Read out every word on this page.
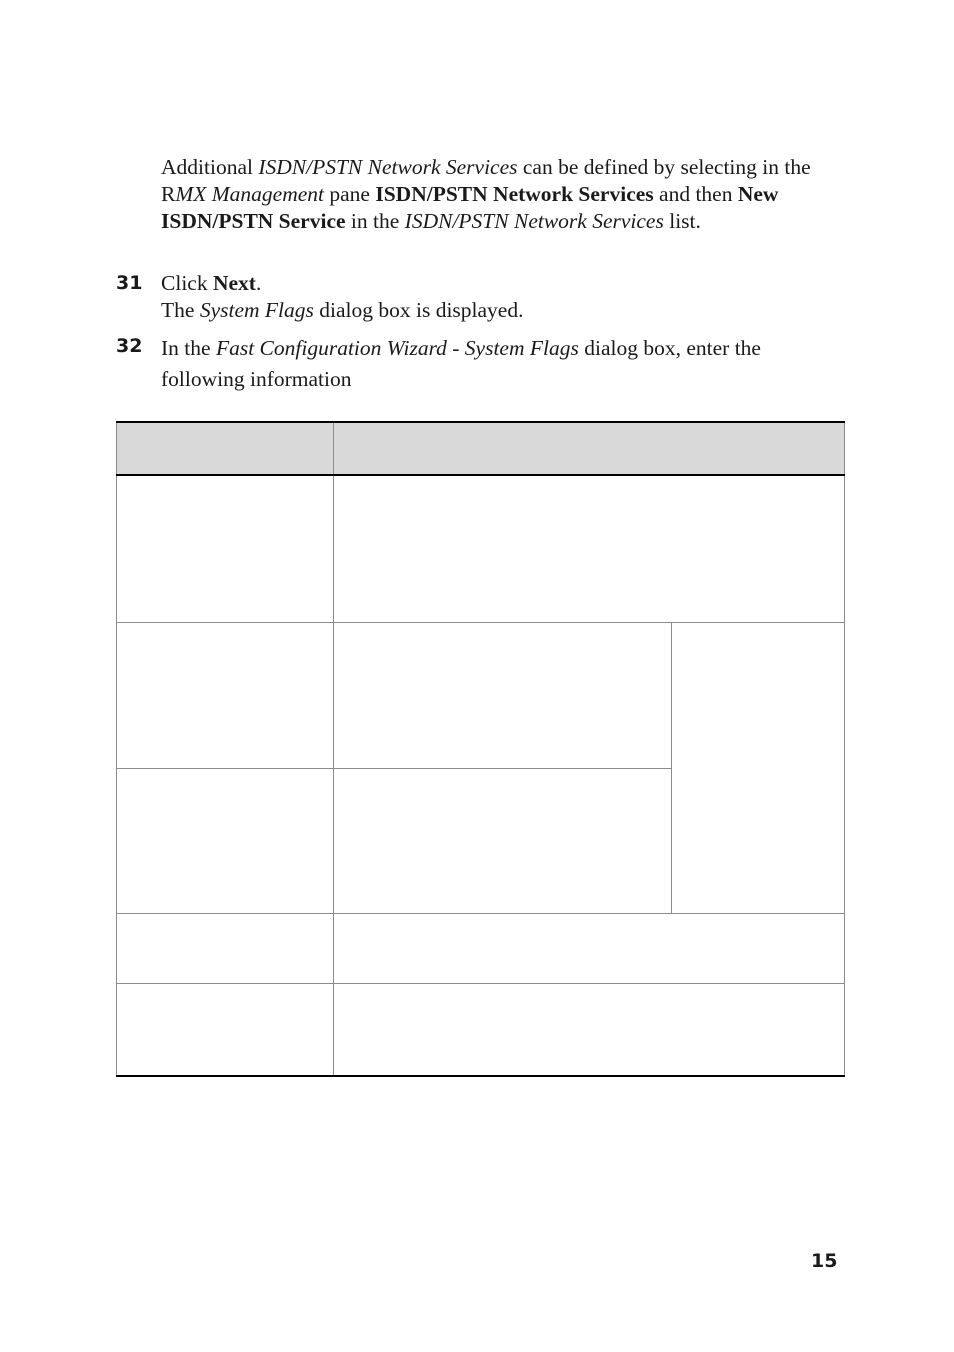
Additional ISDN/PSTN Network Services can be defined by selecting in the RMX Management pane ISDN/PSTN Network Services and then New ISDN/PSTN Service in the ISDN/PSTN Network Services list.

31 Click Next.
The System Flags dialog box is displayed.
32 In the Fast Configuration Wizard - System Flags dialog box, enter the following information

15
